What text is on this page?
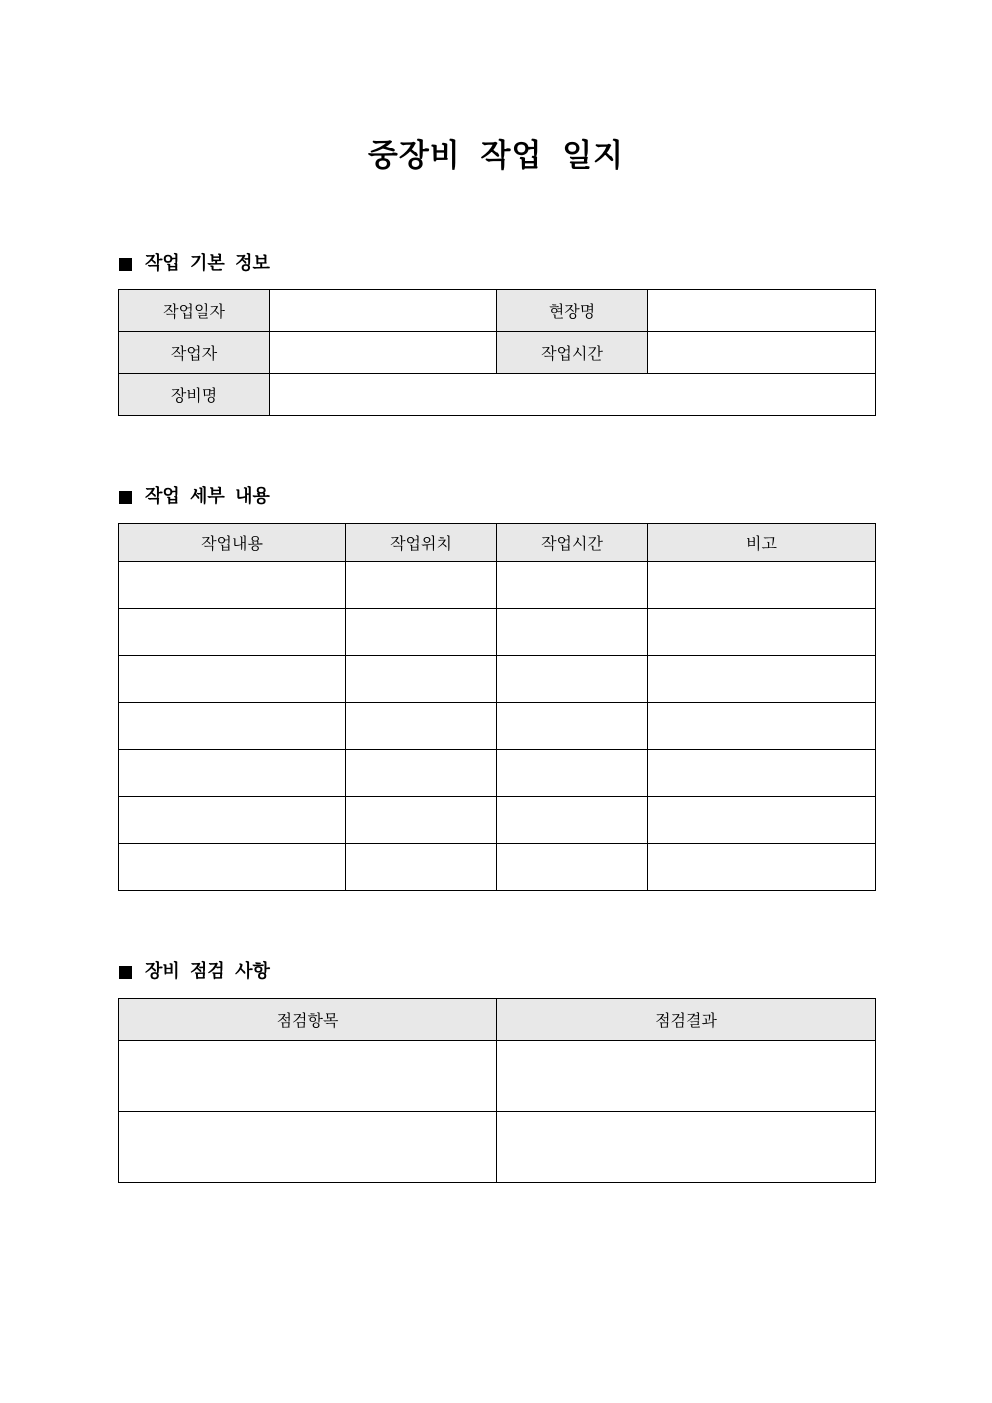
중장비 작업 일지
작업 기본 정보
작업일자		현장명	
작업자		작업시간	
장비명			
작업 세부 내용
작업내용	작업위치	작업시간	비고

장비 점검 사항
점검항목	점검결과
